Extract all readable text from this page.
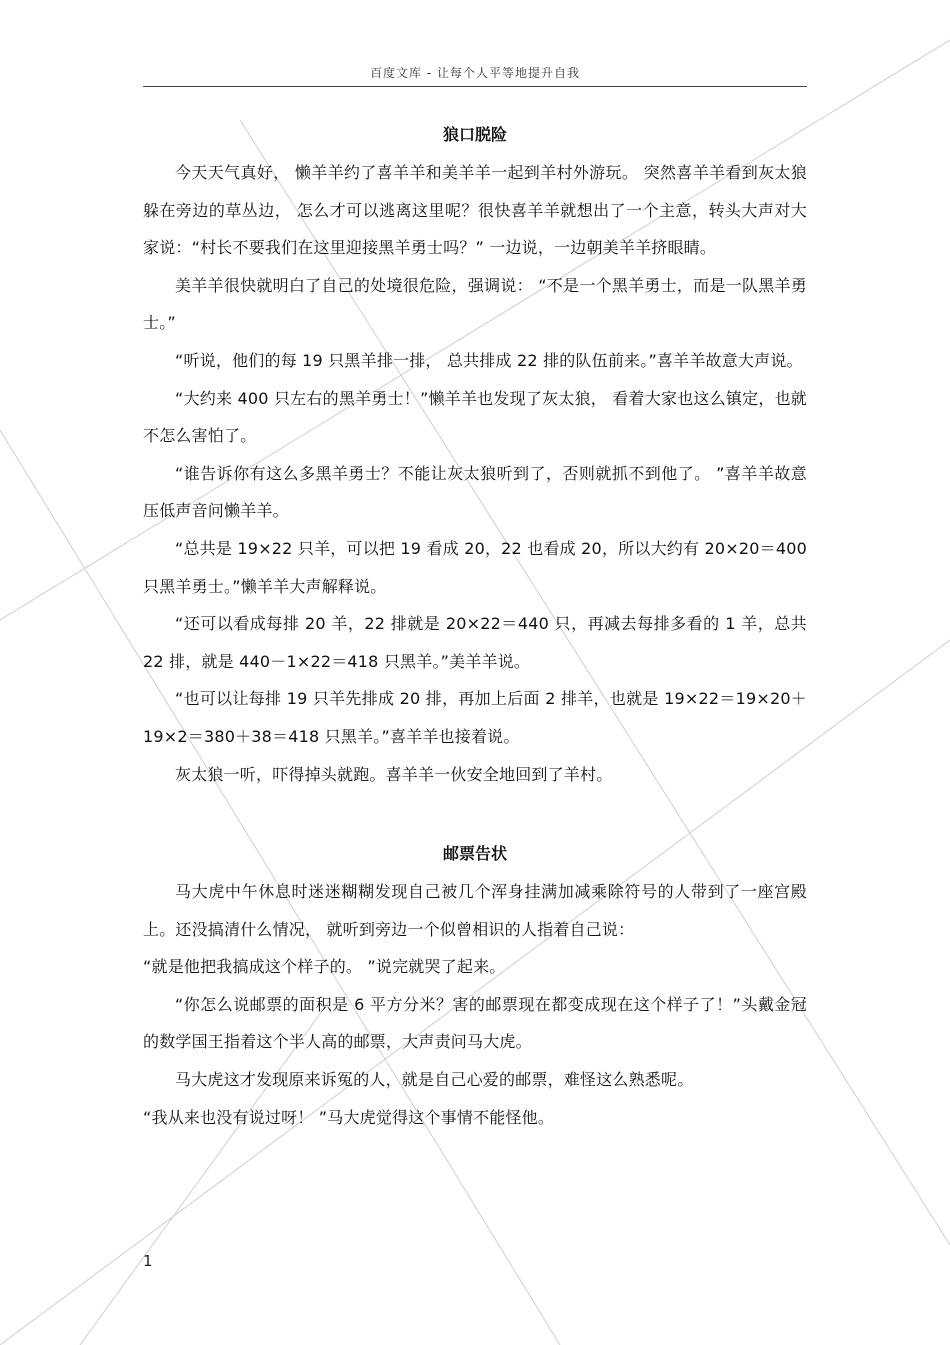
百度文库 - 让每个人平等地提升自我
狼口脱险

今天天气真好， 懒羊羊约了喜羊羊和美羊羊一起到羊村外游玩。 突然喜羊羊看到灰太狼躲在旁边的草丛边， 怎么才可以逃离这里呢？很快喜羊羊就想出了一个主意，转头大声对大家说：“村长不要我们在这里迎接黑羊勇士吗？” 一边说，一边朝美羊羊挤眼睛。

美羊羊很快就明白了自己的处境很危险，强调说： “不是一个黑羊勇士，而是一队黑羊勇士。”

“听说，他们的每 19 只黑羊排一排， 总共排成 22 排的队伍前来。”喜羊羊故意大声说。

“大约来 400 只左右的黑羊勇士！”懒羊羊也发现了灰太狼， 看着大家也这么镇定，也就不怎么害怕了。

“谁告诉你有这么多黑羊勇士？不能让灰太狼听到了，否则就抓不到他了。 ”喜羊羊故意压低声音问懒羊羊。

“总共是 19×22 只羊，可以把 19 看成 20，22 也看成 20，所以大约有 20×20＝400 只黑羊勇士。”懒羊羊大声解释说。

“还可以看成每排 20 羊，22 排就是 20×22＝440 只，再减去每排多看的 1 羊，总共 22 排，就是 440－1×22＝418 只黑羊。”美羊羊说。

“也可以让每排 19 只羊先排成 20 排，再加上后面 2 排羊，也就是 19×22＝19×20＋19×2＝380＋38＝418 只黑羊。”喜羊羊也接着说。

灰太狼一听，吓得掉头就跑。喜羊羊一伙安全地回到了羊村。

邮票告状

马大虎中午休息时迷迷糊糊发现自己被几个浑身挂满加减乘除符号的人带到了一座宫殿上。还没搞清什么情况， 就听到旁边一个似曾相识的人指着自己说：

“就是他把我搞成这个样子的。 ”说完就哭了起来。

“你怎么说邮票的面积是 6 平方分米？害的邮票现在都变成现在这个样子了！”头戴金冠的数学国王指着这个半人高的邮票，大声责问马大虎。

马大虎这才发现原来诉冤的人，就是自己心爱的邮票，难怪这么熟悉呢。

“我从来也没有说过呀！ ”马大虎觉得这个事情不能怪他。

1
